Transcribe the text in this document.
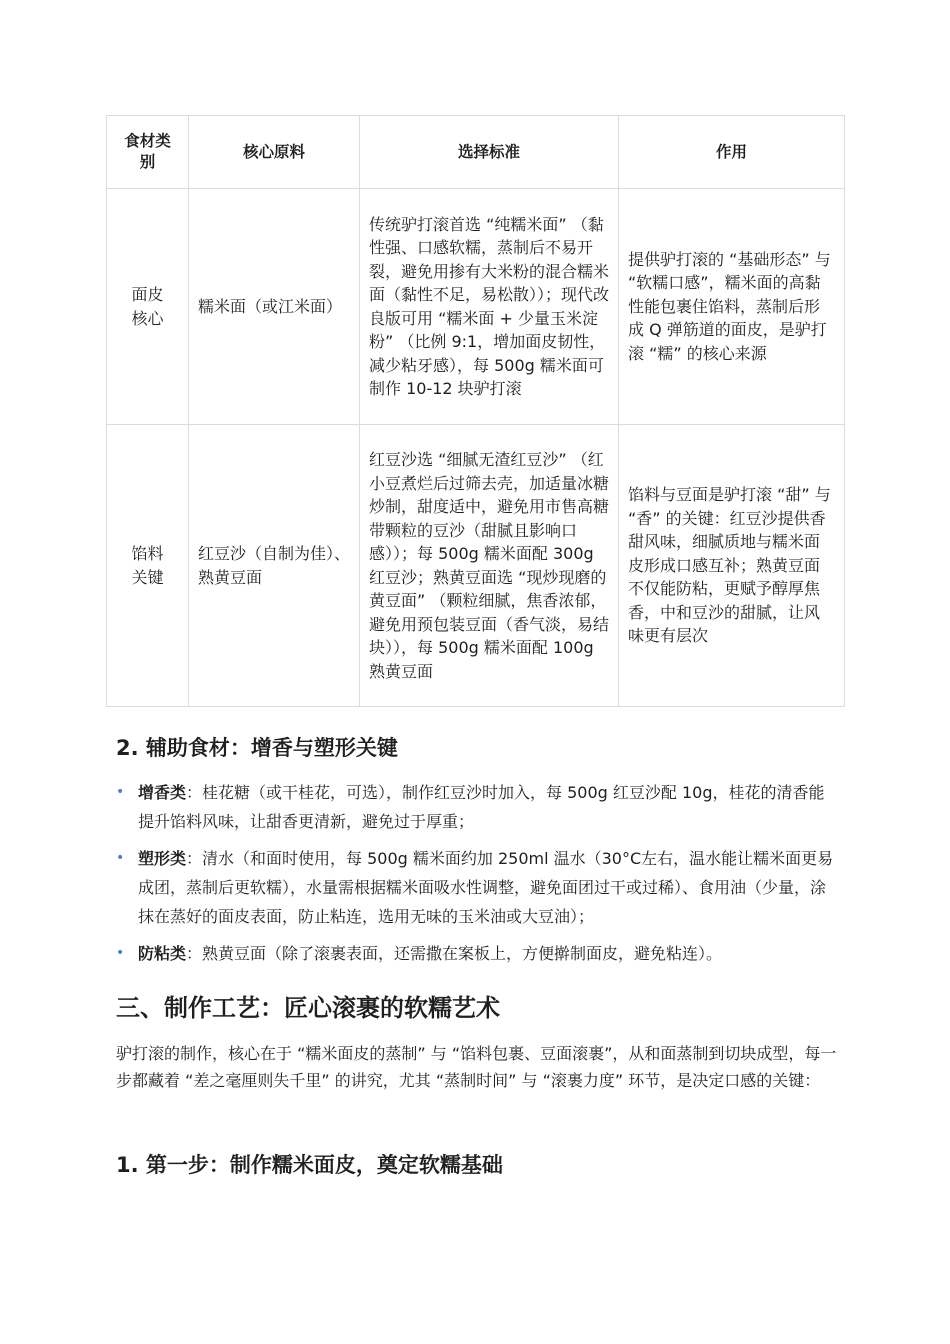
食材类别	核心原料	选择标准	作用
面皮核心	糯米面（或江米面）	传统驴打滚首选 “纯糯米面” （黏性强、口感软糯，蒸制后不易开裂，避免用掺有大米粉的混合糯米面（黏性不足，易松散））；现代改良版可用 “糯米面 + 少量玉米淀粉” （比例 9:1，增加面皮韧性，减少粘牙感），每 500g 糯米面可制作 10-12 块驴打滚	提供驴打滚的 “基础形态” 与 “软糯口感”，糯米面的高黏性能包裹住馅料，蒸制后形成 Q 弹筋道的面皮，是驴打滚 “糯” 的核心来源
馅料关键	红豆沙（自制为佳）、熟黄豆面	红豆沙选 “细腻无渣红豆沙” （红小豆煮烂后过筛去壳，加适量冰糖炒制，甜度适中，避免用市售高糖带颗粒的豆沙（甜腻且影响口感））；每 500g 糯米面配 300g 红豆沙；熟黄豆面选 “现炒现磨的黄豆面” （颗粒细腻，焦香浓郁，避免用预包装豆面（香气淡，易结块）），每 500g 糯米面配 100g 熟黄豆面	馅料与豆面是驴打滚 “甜” 与 “香” 的关键：红豆沙提供香甜风味，细腻质地与糯米面皮形成口感互补；熟黄豆面不仅能防粘，更赋予醇厚焦香，中和豆沙的甜腻，让风味更有层次
2. 辅助食材：增香与塑形关键
• 增香类：桂花糖（或干桂花，可选），制作红豆沙时加入，每 500g 红豆沙配 10g，桂花的清香能提升馅料风味，让甜香更清新，避免过于厚重；
• 塑形类：清水（和面时使用，每 500g 糯米面约加 250ml 温水（30°C左右，温水能让糯米面更易成团，蒸制后更软糯），水量需根据糯米面吸水性调整，避免面团过干或过稀）、食用油（少量，涂抹在蒸好的面皮表面，防止粘连，选用无味的玉米油或大豆油）；
• 防粘类：熟黄豆面（除了滚裹表面，还需撒在案板上，方便擀制面皮，避免粘连）。
三、制作工艺：匠心滚裹的软糯艺术

驴打滚的制作，核心在于 “糯米面皮的蒸制” 与 “馅料包裹、豆面滚裹”，从和面蒸制到切块成型，每一步都藏着 “差之毫厘则失千里” 的讲究，尤其 “蒸制时间” 与 “滚裹力度” 环节，是决定口感的关键：

1. 第一步：制作糯米面皮，奠定软糯基础
